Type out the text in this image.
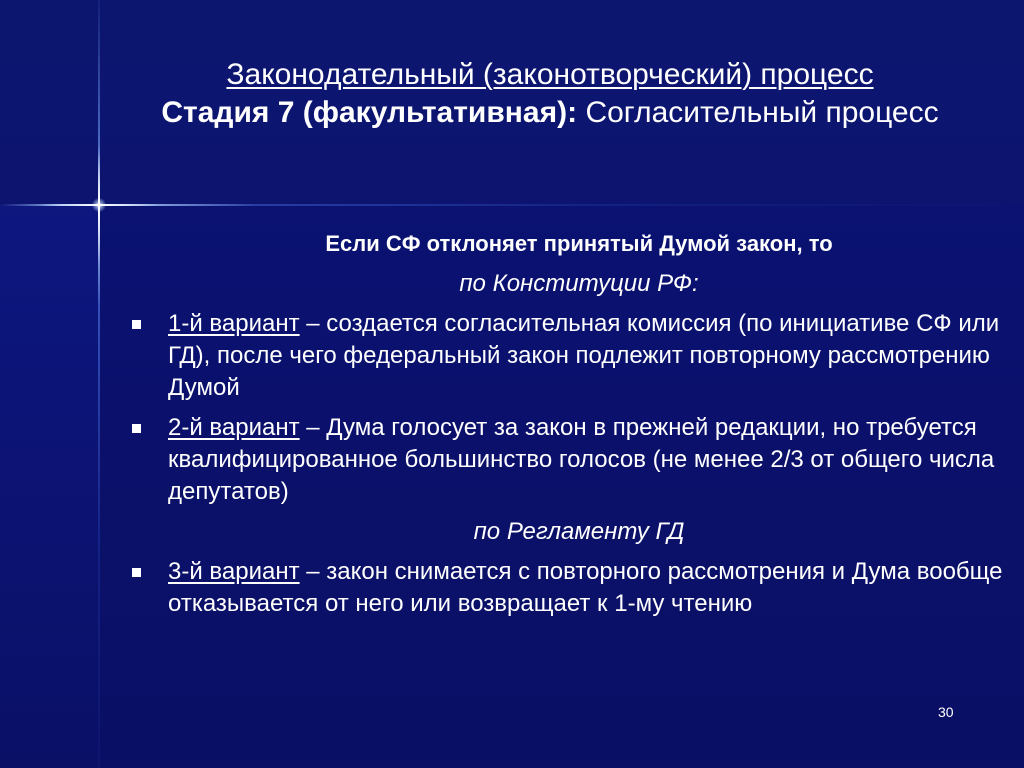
Законодательный (законотворческий) процесс
Стадия 7 (факультативная): Согласительный процесс

Если СФ отклоняет принятый Думой закон, то

по Конституции РФ:

1-й вариант – создается согласительная комиссия (по инициативе СФ или ГД), после чего федеральный закон подлежит повторному рассмотрению Думой
2-й вариант – Дума голосует за закон в прежней редакции, но требуется квалифицированное большинство голосов (не менее 2/3 от общего числа депутатов)

по Регламенту ГД

3-й вариант – закон снимается с повторного рассмотрения и Дума вообще отказывается от него или возвращает к 1-му чтению
30
